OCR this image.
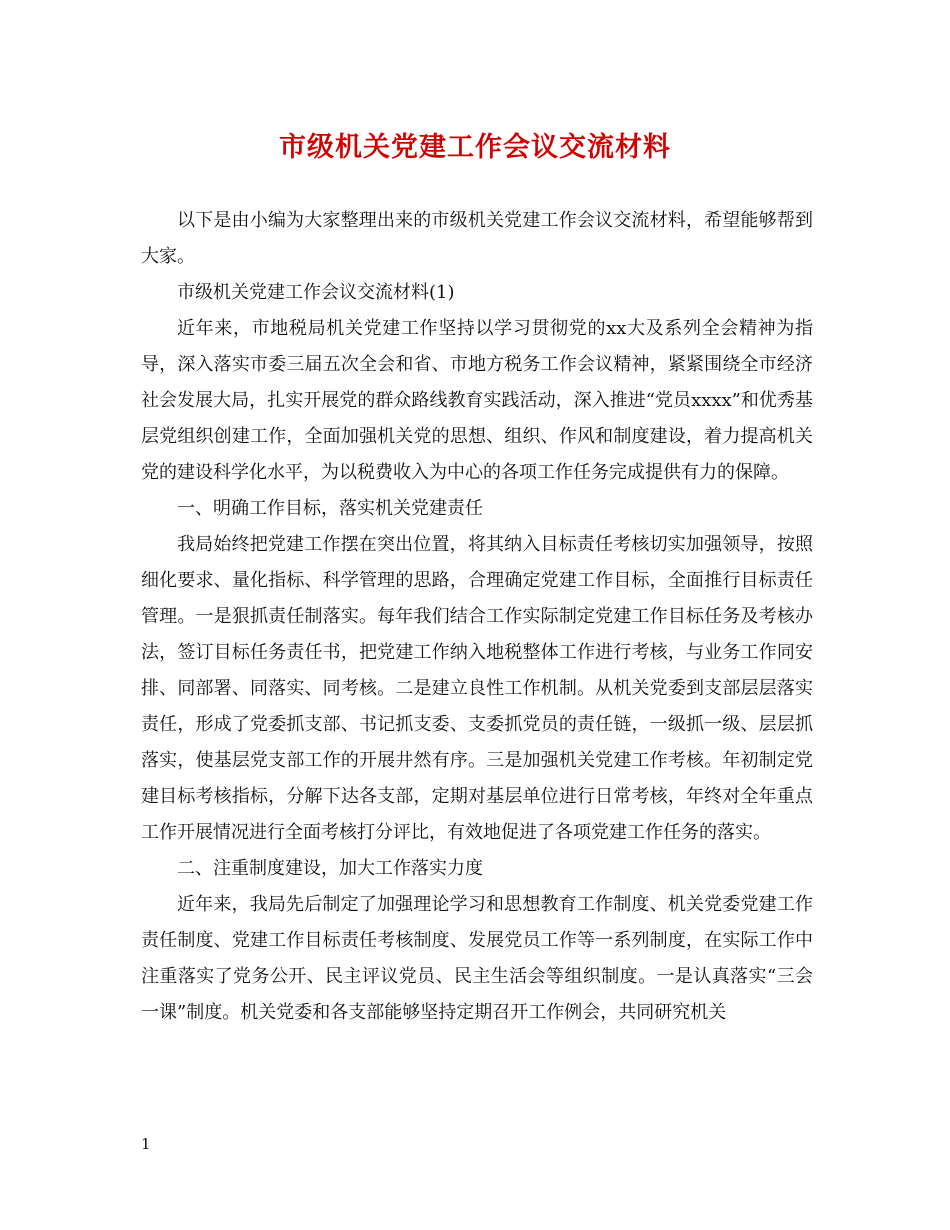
市级机关党建工作会议交流材料

以下是由小编为大家整理出来的市级机关党建工作会议交流材料，希望能够帮到大家。

市级机关党建工作会议交流材料(1)

近年来，市地税局机关党建工作坚持以学习贯彻党的xx大及系列全会精神为指导，深入落实市委三届五次全会和省、市地方税务工作会议精神，紧紧围绕全市经济社会发展大局，扎实开展党的群众路线教育实践活动，深入推进“党员xxxx”和优秀基层党组织创建工作，全面加强机关党的思想、组织、作风和制度建设，着力提高机关党的建设科学化水平，为以税费收入为中心的各项工作任务完成提供有力的保障。

一、明确工作目标，落实机关党建责任

我局始终把党建工作摆在突出位置，将其纳入目标责任考核切实加强领导，按照细化要求、量化指标、科学管理的思路，合理确定党建工作目标，全面推行目标责任管理。一是狠抓责任制落实。每年我们结合工作实际制定党建工作目标任务及考核办法，签订目标任务责任书，把党建工作纳入地税整体工作进行考核，与业务工作同安排、同部署、同落实、同考核。二是建立良性工作机制。从机关党委到支部层层落实责任，形成了党委抓支部、书记抓支委、支委抓党员的责任链，一级抓一级、层层抓落实，使基层党支部工作的开展井然有序。三是加强机关党建工作考核。年初制定党建目标考核指标，分解下达各支部，定期对基层单位进行日常考核，年终对全年重点工作开展情况进行全面考核打分评比，有效地促进了各项党建工作任务的落实。

二、注重制度建设，加大工作落实力度

近年来，我局先后制定了加强理论学习和思想教育工作制度、机关党委党建工作责任制度、党建工作目标责任考核制度、发展党员工作等一系列制度，在实际工作中注重落实了党务公开、民主评议党员、民主生活会等组织制度。一是认真落实“三会一课”制度。机关党委和各支部能够坚持定期召开工作例会，共同研究机关

1
